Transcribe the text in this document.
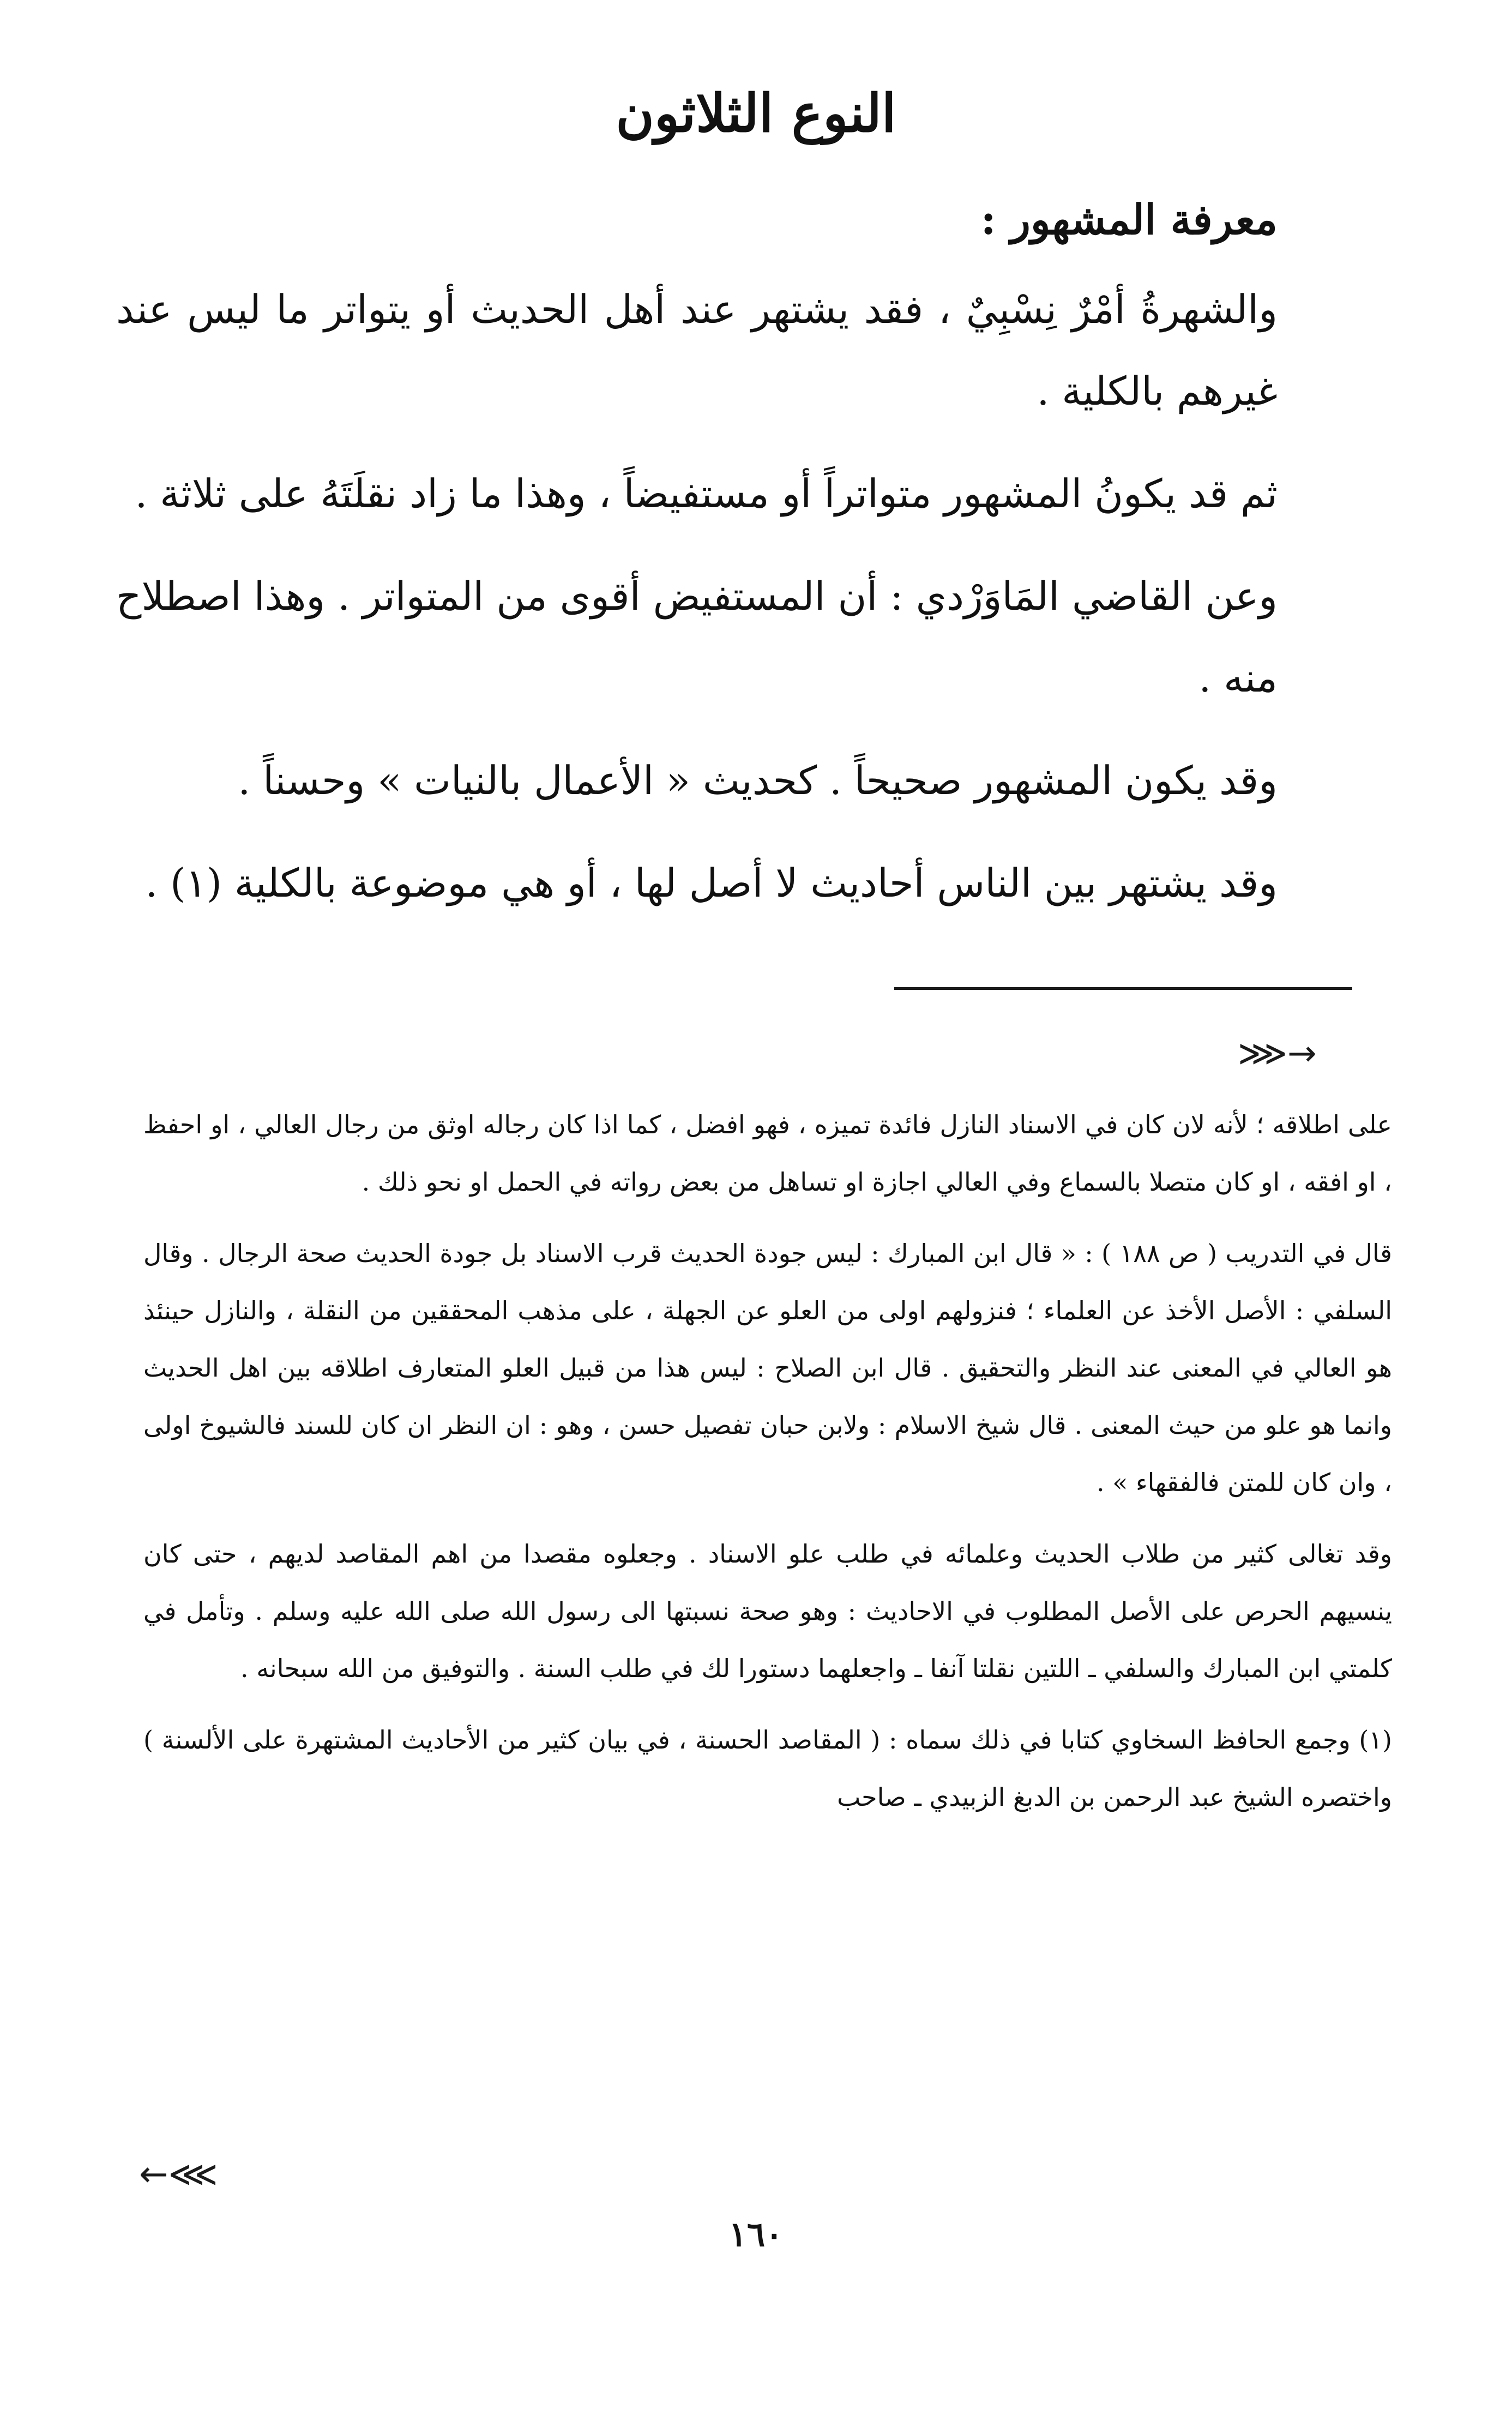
النوع الثلاثون
معرفة المشهور :

والشهرةُ أمْرٌ نِسْبِيٌ ، فقد يشتهر عند أهل الحديث أو يتواتر ما ليس عند غيرهم بالكلية .

ثم قد يكونُ المشهور متواتراً أو مستفيضاً ، وهذا ما زاد نقلَتَهُ على ثلاثة .

وعن القاضي المَاوَرْدي : أن المستفيض أقوى من المتواتر . وهذا اصطلاح منه .

وقد يكون المشهور صحيحاً . كحديث « الأعمال بالنيات » وحسناً .

وقد يشتهر بين الناس أحاديث لا أصل لها ، أو هي موضوعة بالكلية (١) .

⋙→

على اطلاقه ؛ لأنه لان كان في الاسناد النازل فائدة تميزه ، فهو افضل ، كما اذا كان رجاله اوثق من رجال العالي ، او احفظ ، او افقه ، او كان متصلا بالسماع وفي العالي اجازة او تساهل من بعض رواته في الحمل او نحو ذلك .

قال في التدريب ( ص ١٨٨ ) : « قال ابن المبارك : ليس جودة الحديث قرب الاسناد بل جودة الحديث صحة الرجال . وقال السلفي : الأصل الأخذ عن العلماء ؛ فنزولهم اولى من العلو عن الجهلة ، على مذهب المحققين من النقلة ، والنازل حينئذ هو العالي في المعنى عند النظر والتحقيق . قال ابن الصلاح : ليس هذا من قبيل العلو المتعارف اطلاقه بين اهل الحديث وانما هو علو من حيث المعنى . قال شيخ الاسلام : ولابن حبان تفصيل حسن ، وهو : ان النظر ان كان للسند فالشيوخ اولى ، وان كان للمتن فالفقهاء » .

وقد تغالى كثير من طلاب الحديث وعلمائه في طلب علو الاسناد . وجعلوه مقصدا من اهم المقاصد لديهم ، حتى كان ينسيهم الحرص على الأصل المطلوب في الاحاديث : وهو صحة نسبتها الى رسول الله صلى الله عليه وسلم . وتأمل في كلمتي ابن المبارك والسلفي ـ اللتين نقلتا آنفا ـ واجعلهما دستورا لك في طلب السنة . والتوفيق من الله سبحانه .

(١) وجمع الحافظ السخاوي كتابا في ذلك سماه : ( المقاصد الحسنة ، في بيان كثير من الأحاديث المشتهرة على الألسنة ) واختصره الشيخ عبد الرحمن بن الدبغ الزبيدي ـ صاحب

←⋘
١٦٠
